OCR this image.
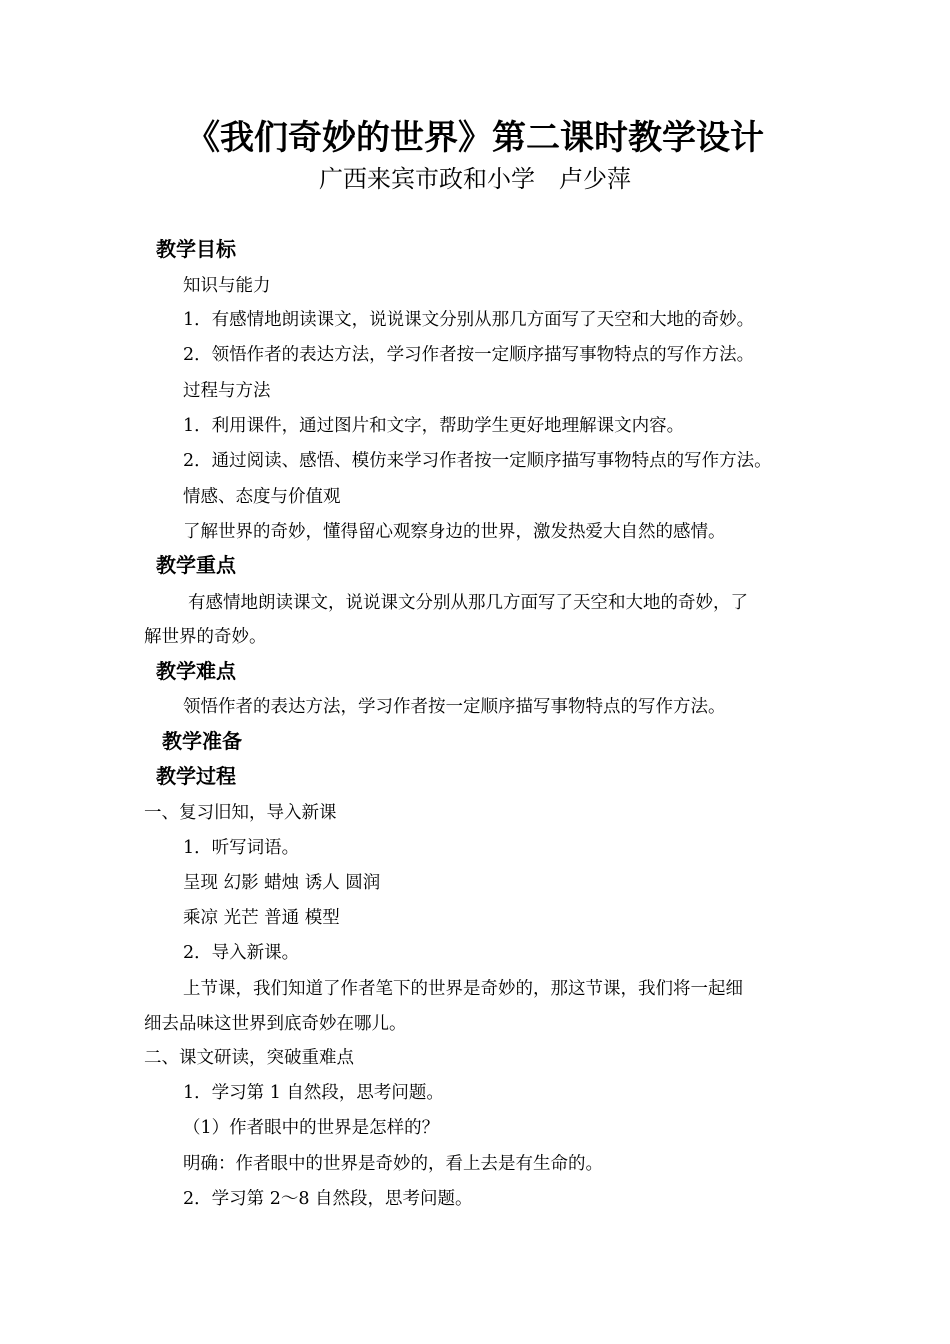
《我们奇妙的世界》第二课时教学设计
广西来宾市政和小学　卢少萍
教学目标
知识与能力
1．有感情地朗读课文，说说课文分别从那几方面写了天空和大地的奇妙。
2．领悟作者的表达方法，学习作者按一定顺序描写事物特点的写作方法。
过程与方法
1．利用课件，通过图片和文字，帮助学生更好地理解课文内容。
2．通过阅读、感悟、模仿来学习作者按一定顺序描写事物特点的写作方法。
情感、态度与价值观
了解世界的奇妙，懂得留心观察身边的世界，激发热爱大自然的感情。
教学重点
有感情地朗读课文，说说课文分别从那几方面写了天空和大地的奇妙，了
解世界的奇妙。
教学难点
领悟作者的表达方法，学习作者按一定顺序描写事物特点的写作方法。
教学准备
教学过程
一、复习旧知，导入新课
1．听写词语。
呈现 幻影 蜡烛 诱人 圆润
乘凉 光芒 普通 模型
2．导入新课。
上节课，我们知道了作者笔下的世界是奇妙的，那这节课，我们将一起细
细去品味这世界到底奇妙在哪儿。
二、课文研读，突破重难点
1．学习第 1 自然段，思考问题。
（1）作者眼中的世界是怎样的？
明确：作者眼中的世界是奇妙的，看上去是有生命的。
2．学习第 2～8 自然段，思考问题。
